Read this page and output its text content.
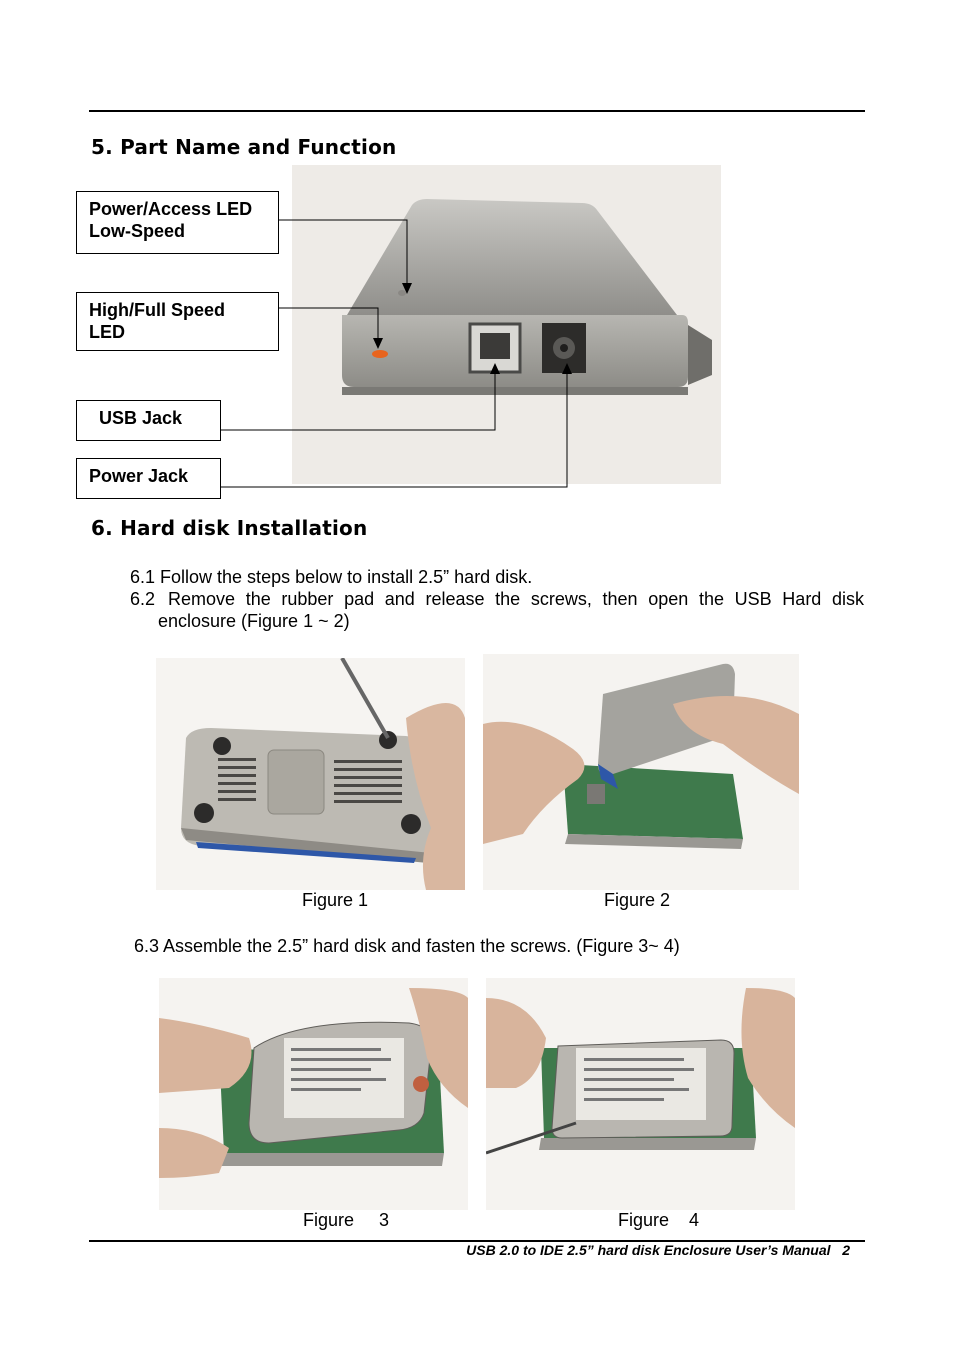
5. Part Name and Function
Power/Access LED
Low-Speed
High/Full Speed
LED
USB Jack
Power Jack
6. Hard disk Installation
6.1 Follow the steps below to install 2.5” hard disk.
6.2 Remove the rubber pad and release the screws, then open the USB Hard disk enclosure (Figure 1 ~ 2)
Figure 1	Figure 2
6.3 Assemble the 2.5” hard disk and fasten the screws. (Figure 3~ 4)
Figure     3	Figure    4
USB 2.0 to IDE 2.5” hard disk Enclosure User’s Manual 2
